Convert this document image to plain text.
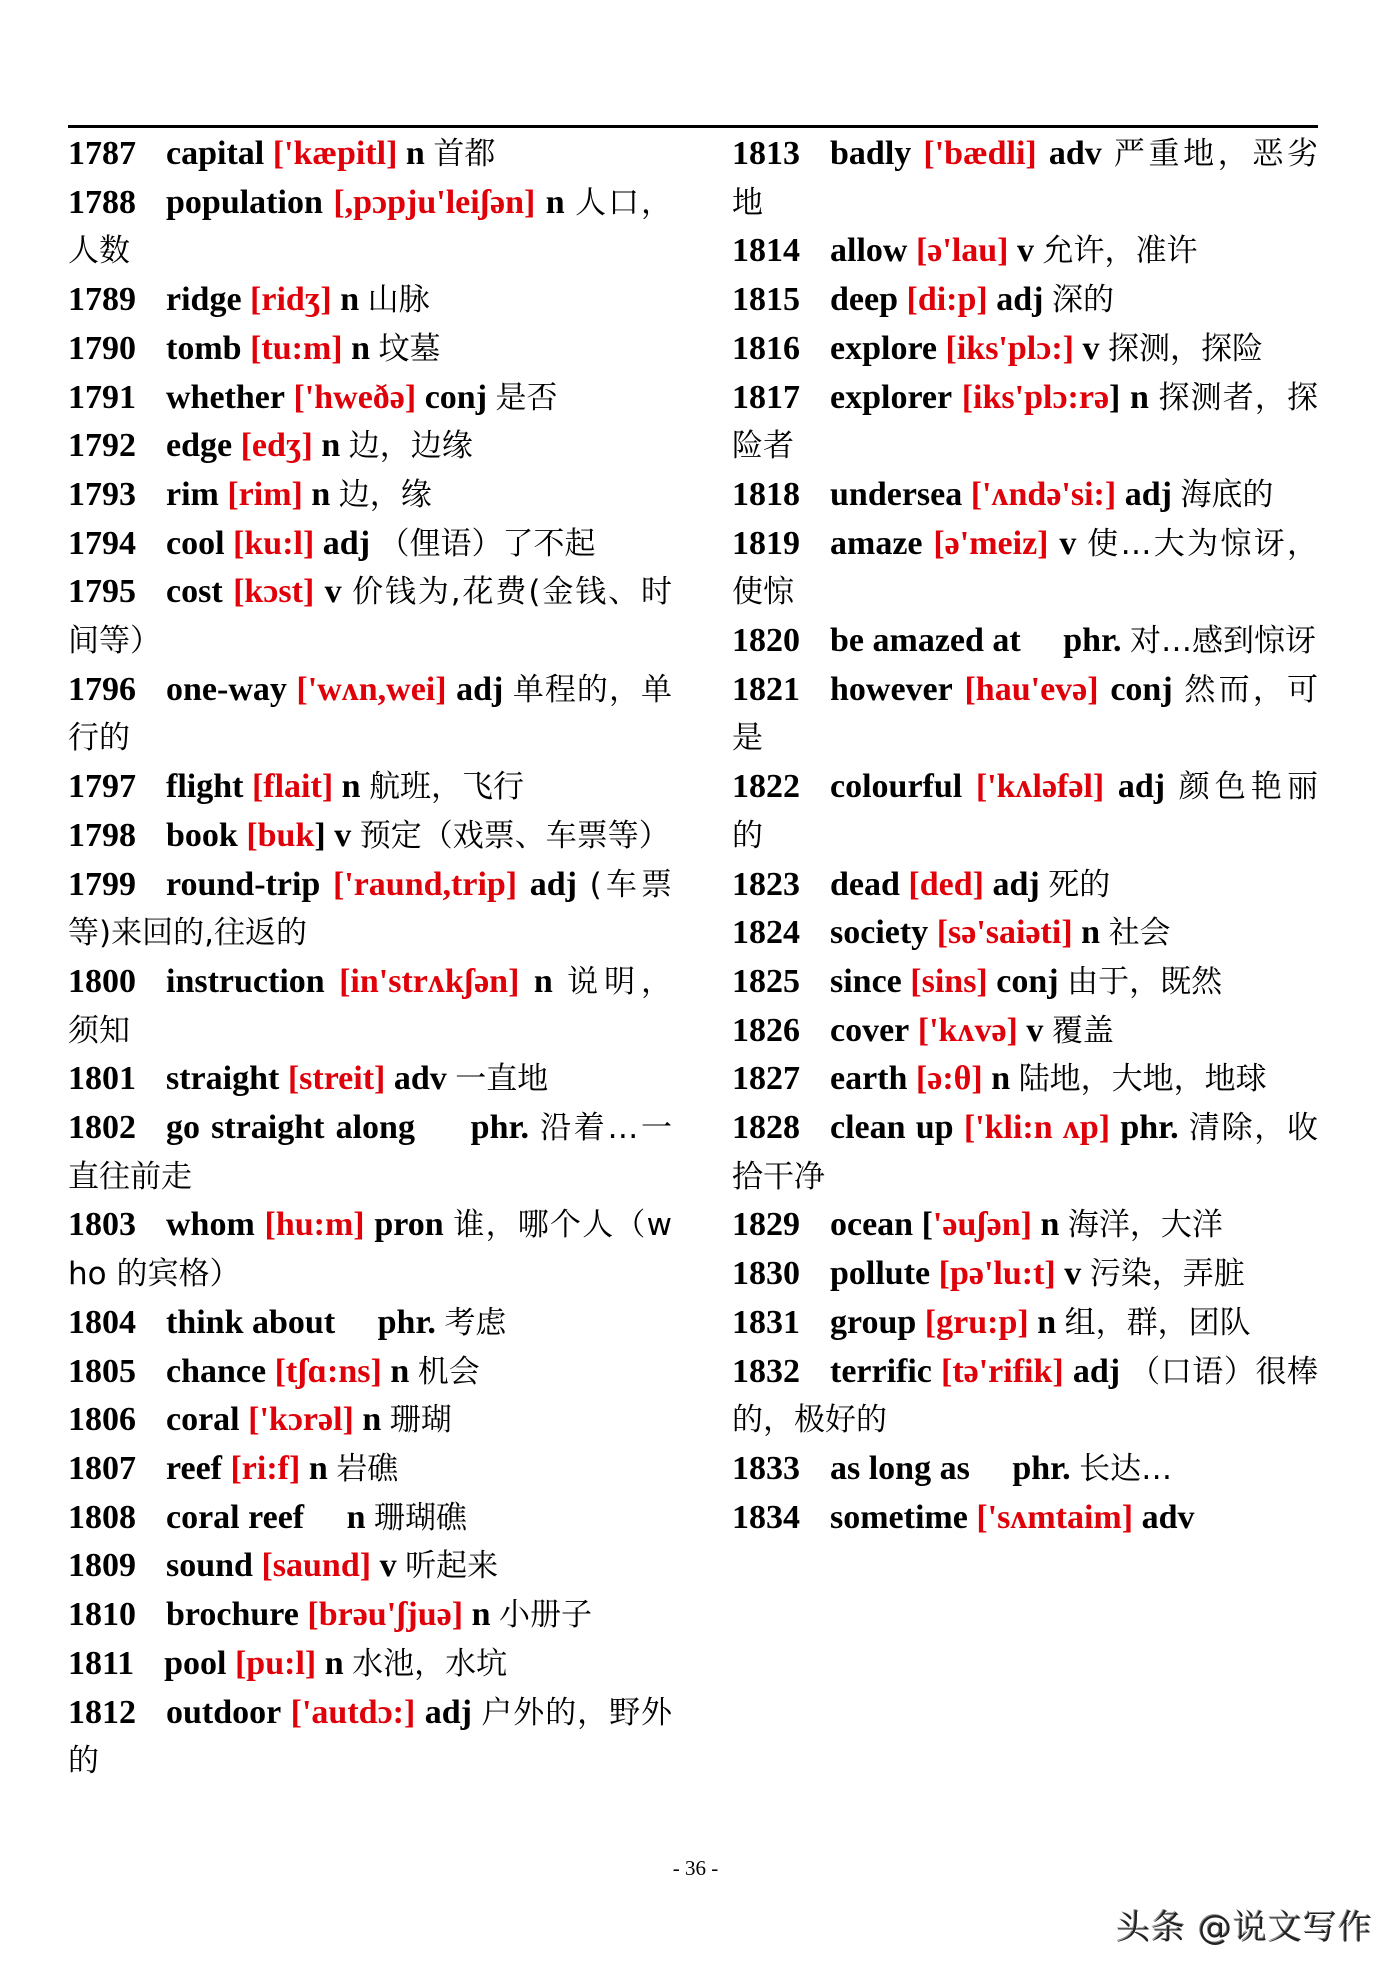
1787 capital ['kæpitl] n 首都
1788 population [,pɔpju'leiʃən] n 人口，人数
1789 ridge [ridʒ] n 山脉
1790 tomb [tu:m] n 坟墓
1791 whether ['hweðə] conj 是否
1792 edge [edʒ] n 边，边缘
1793 rim [rim] n 边，缘
1794 cool [ku:l] adj （俚语）了不起
1795 cost [kɔst] v 价钱为,花费(金钱、时间等）
1796 one-way ['wʌn,wei] adj 单程的，单行的
1797 flight [flait] n 航班，飞行
1798 book [buk] v 预定（戏票、车票等）
1799 round-trip ['raund,trip] adj (车票等)来回的,往返的
1800 instruction [in'strʌkʃən] n 说明，须知
1801 straight [streit] adv 一直地
1802 go straight along phr. 沿着…一直往前走
1803 whom [hu:m] pron 谁，哪个人（who 的宾格）
1804 think about phr. 考虑
1805 chance [tʃɑ:ns] n 机会
1806 coral ['kɔrəl] n 珊瑚
1807 reef [ri:f] n 岩礁
1808 coral reef n 珊瑚礁
1809 sound [saund] v 听起来
1810 brochure [brəu'ʃjuə] n 小册子
1811 pool [pu:l] n 水池，水坑
1812 outdoor ['autdɔ:] adj 户外的，野外的
1813 badly ['bædli] adv 严重地，恶劣地
1814 allow [ə'lau] v 允许，准许
1815 deep [di:p] adj 深的
1816 explore [iks'plɔ:] v 探测，探险
1817 explorer [iks'plɔ:rə] n 探测者，探险者
1818 undersea ['ʌndə'si:] adj 海底的
1819 amaze [ə'meiz] v 使…大为惊讶，使惊
1820 be amazed at phr. 对…感到惊讶
1821 however [hau'evə] conj 然而，可是
1822 colourful ['kʌləfəl] adj 颜色艳丽的
1823 dead [ded] adj 死的
1824 society [sə'saiəti] n 社会
1825 since [sins] conj 由于，既然
1826 cover ['kʌvə] v 覆盖
1827 earth [ə:θ] n 陆地，大地，地球
1828 clean up ['kli:n ʌp] phr. 清除，收拾干净
1829 ocean ['əuʃən] n 海洋，大洋
1830 pollute [pə'lu:t] v 污染，弄脏
1831 group [gru:p] n 组，群，团队
1832 terrific [tə'rifik] adj （口语）很棒的，极好的
1833 as long as phr. 长达…
1834 sometime ['sʌmtaim] adv
- 36 -
头条 @说文写作
